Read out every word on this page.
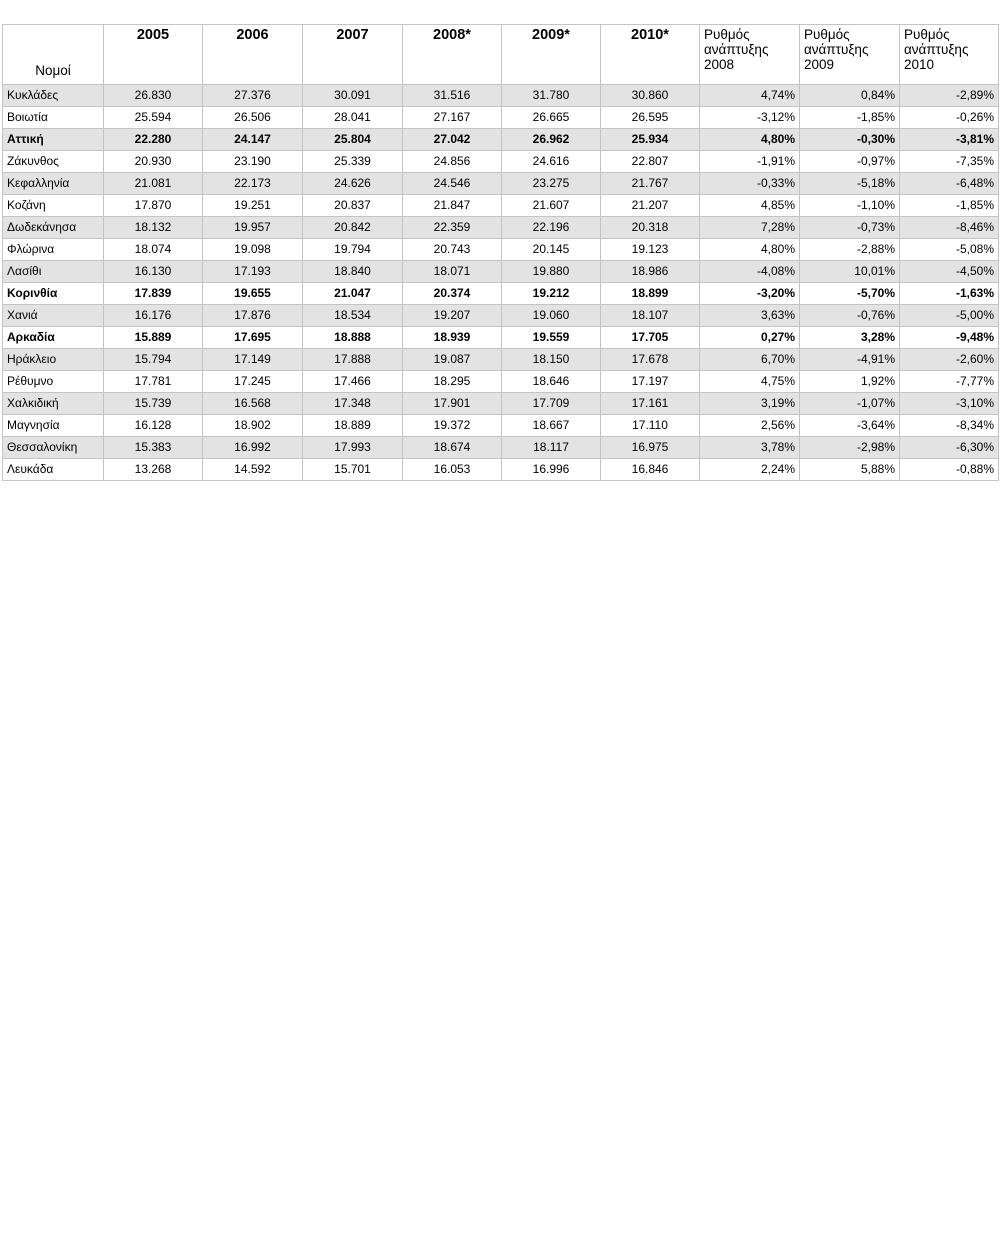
Νομοί	2005	2006	2007	2008*	2009*	2010*	Ρυθμός ανάπτυξης 2008	Ρυθμός ανάπτυξης 2009	Ρυθμός ανάπτυξης 2010
Κυκλάδες	26.830	27.376	30.091	31.516	31.780	30.860	4,74%	0,84%	-2,89%
Βοιωτία	25.594	26.506	28.041	27.167	26.665	26.595	-3,12%	-1,85%	-0,26%
Αττική	22.280	24.147	25.804	27.042	26.962	25.934	4,80%	-0,30%	-3,81%
Ζάκυνθος	20.930	23.190	25.339	24.856	24.616	22.807	-1,91%	-0,97%	-7,35%
Κεφαλληνία	21.081	22.173	24.626	24.546	23.275	21.767	-0,33%	-5,18%	-6,48%
Κοζάνη	17.870	19.251	20.837	21.847	21.607	21.207	4,85%	-1,10%	-1,85%
Δωδεκάνησα	18.132	19.957	20.842	22.359	22.196	20.318	7,28%	-0,73%	-8,46%
Φλώρινα	18.074	19.098	19.794	20.743	20.145	19.123	4,80%	-2,88%	-5,08%
Λασίθι	16.130	17.193	18.840	18.071	19.880	18.986	-4,08%	10,01%	-4,50%
Κορινθία	17.839	19.655	21.047	20.374	19.212	18.899	-3,20%	-5,70%	-1,63%
Χανιά	16.176	17.876	18.534	19.207	19.060	18.107	3,63%	-0,76%	-5,00%
Αρκαδία	15.889	17.695	18.888	18.939	19.559	17.705	0,27%	3,28%	-9,48%
Ηράκλειο	15.794	17.149	17.888	19.087	18.150	17.678	6,70%	-4,91%	-2,60%
Ρέθυμνο	17.781	17.245	17.466	18.295	18.646	17.197	4,75%	1,92%	-7,77%
Χαλκιδική	15.739	16.568	17.348	17.901	17.709	17.161	3,19%	-1,07%	-3,10%
Μαγνησία	16.128	18.902	18.889	19.372	18.667	17.110	2,56%	-3,64%	-8,34%
Θεσσαλονίκη	15.383	16.992	17.993	18.674	18.117	16.975	3,78%	-2,98%	-6,30%
Λευκάδα	13.268	14.592	15.701	16.053	16.996	16.846	2,24%	5,88%	-0,88%
